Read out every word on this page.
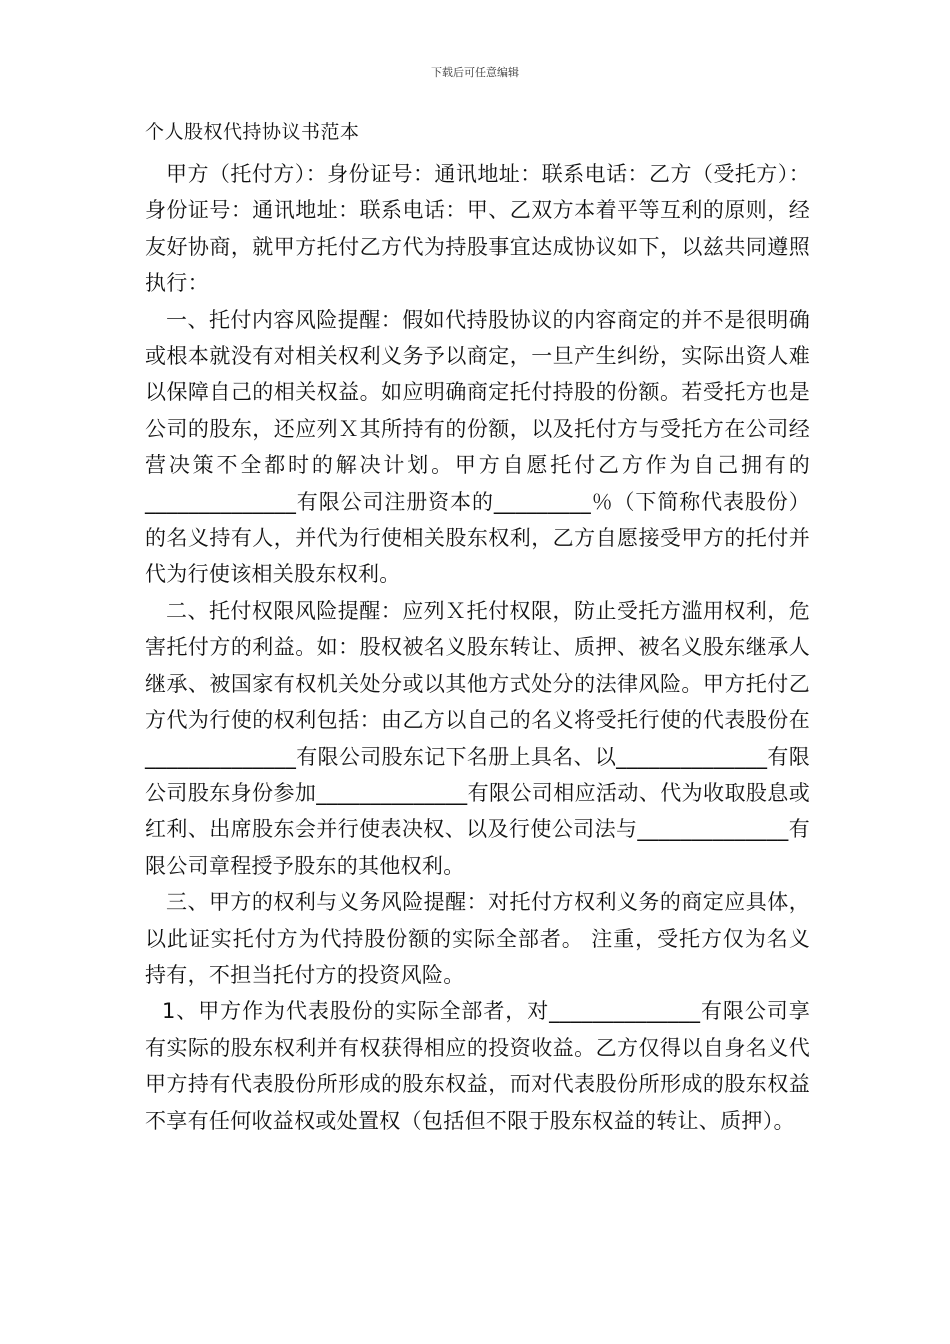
下载后可任意编辑
个人股权代持协议书范本

甲方（托付方）：身份证号：通讯地址：联系电话：乙方（受托方）：身份证号：通讯地址：联系电话：甲、乙双方本着平等互利的原则，经友好协商，就甲方托付乙方代为持股事宜达成协议如下，以兹共同遵照执行：

一、托付内容风险提醒：假如代持股协议的内容商定的并不是很明确或根本就没有对相关权利义务予以商定，一旦产生纠纷，实际出资人难以保障自己的相关权益。如应明确商定托付持股的份额。若受托方也是公司的股东，还应列Ｘ其所持有的份额，以及托付方与受托方在公司经营决策不全都时的解决计划。甲方自愿托付乙方作为自己拥有的______________有限公司注册资本的_________％（下简称代表股份）的名义持有人，并代为行使相关股东权利，乙方自愿接受甲方的托付并代为行使该相关股东权利。

二、托付权限风险提醒：应列Ｘ托付权限，防止受托方滥用权利，危害托付方的利益。如：股权被名义股东转让、质押、被名义股东继承人继承、被国家有权机关处分或以其他方式处分的法律风险。甲方托付乙方代为行使的权利包括：由乙方以自己的名义将受托行使的代表股份在______________有限公司股东记下名册上具名、以______________有限公司股东身份参加______________有限公司相应活动、代为收取股息或红利、出席股东会并行使表决权、以及行使公司法与______________有限公司章程授予股东的其他权利。

三、甲方的权利与义务风险提醒：对托付方权利义务的商定应具体，以此证实托付方为代持股份额的实际全部者。 注重，受托方仅为名义持有，不担当托付方的投资风险。

1、甲方作为代表股份的实际全部者，对______________有限公司享有实际的股东权利并有权获得相应的投资收益。乙方仅得以自身名义代甲方持有代表股份所形成的股东权益，而对代表股份所形成的股东权益不享有任何收益权或处置权（包括但不限于股东权益的转让、质押）。
